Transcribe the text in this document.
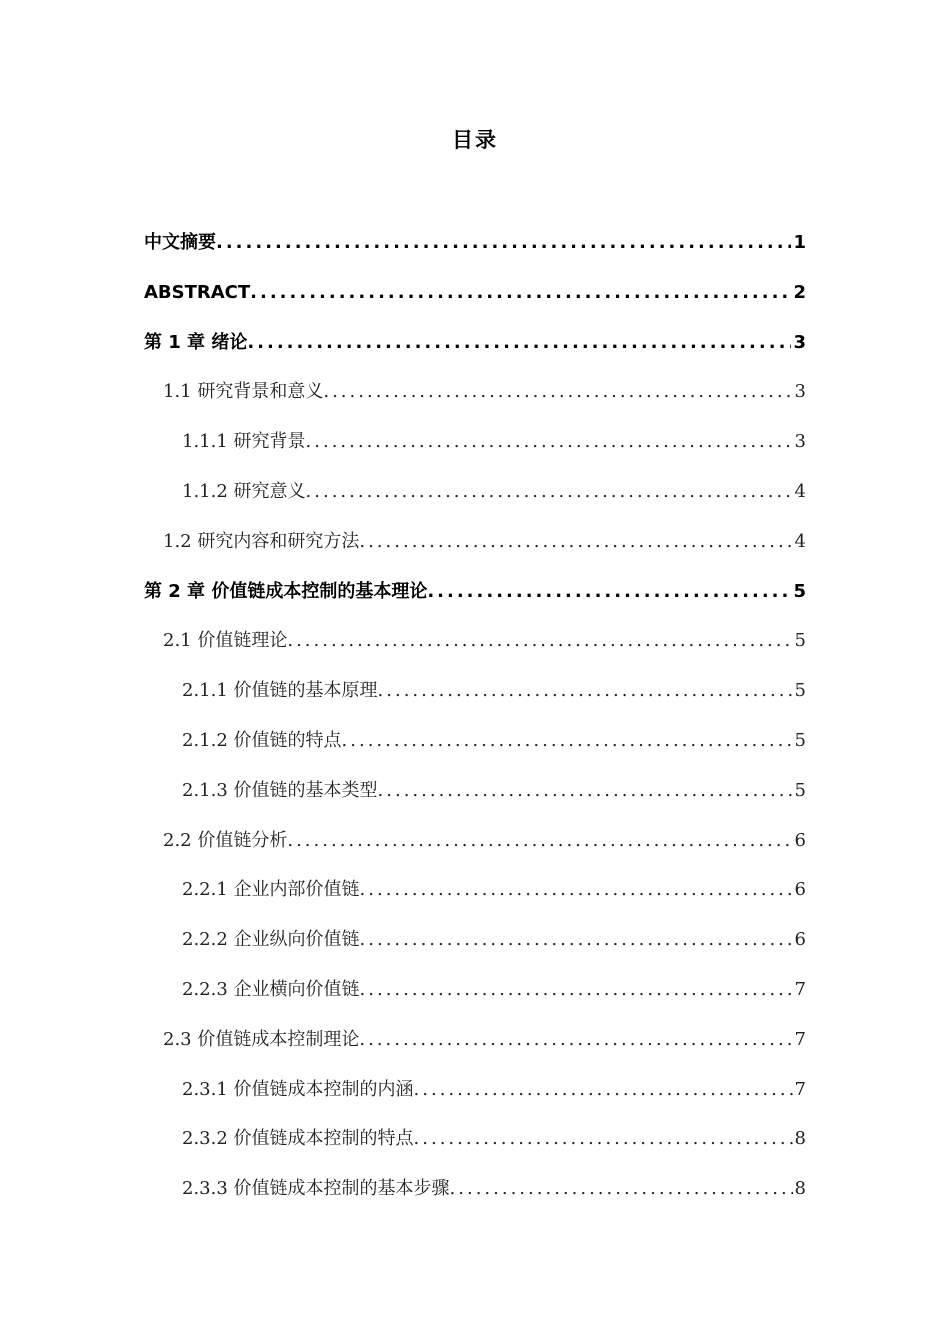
目录
中文摘要 .....	1
ABSTRACT .....	2
第 1 章 绪论 .....	3
1.1 研究背景和意义 .....	3
1.1.1 研究背景 .....	3
1.1.2 研究意义 .....	4
1.2 研究内容和研究方法 .....	4
第 2 章 价值链成本控制的基本理论 .....	5
2.1 价值链理论 .....	5
2.1.1 价值链的基本原理 .....	5
2.1.2 价值链的特点 .....	5
2.1.3 价值链的基本类型 .....	5
2.2 价值链分析 .....	6
2.2.1 企业内部价值链 .....	6
2.2.2 企业纵向价值链 .....	6
2.2.3 企业横向价值链 .....	7
2.3 价值链成本控制理论 .....	7
2.3.1 价值链成本控制的内涵 .....	7
2.3.2 价值链成本控制的特点 .....	8
2.3.3 价值链成本控制的基本步骤 .....	8
